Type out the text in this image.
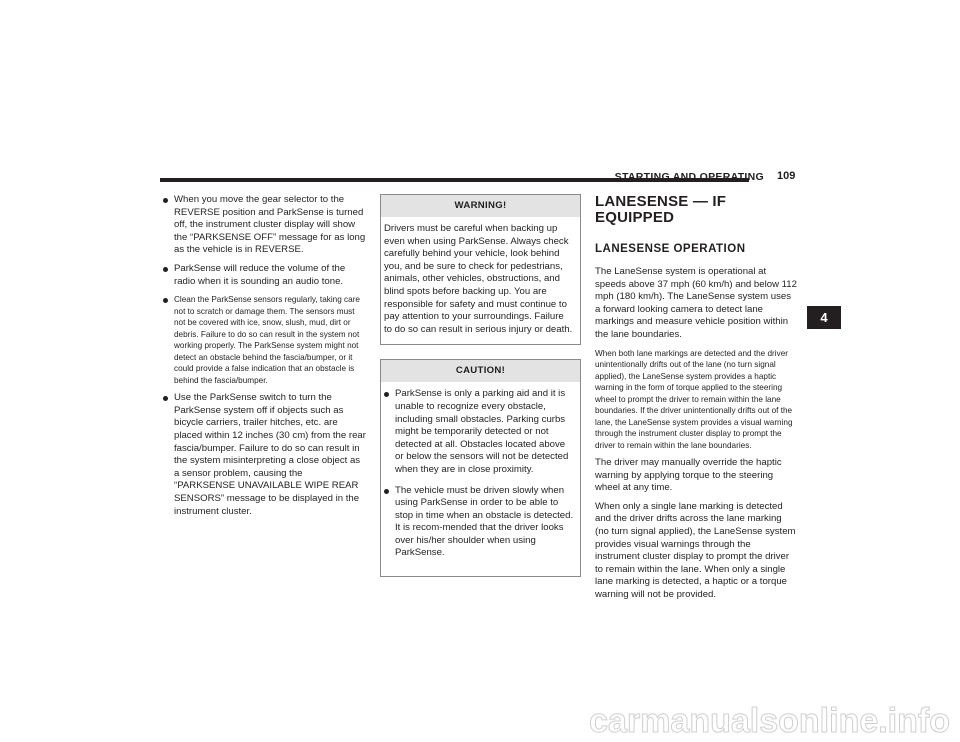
STARTING AND OPERATING 109
When you move the gear selector to the REVERSE position and ParkSense is turned off, the instrument cluster display will show the “PARKSENSE OFF” message for as long as the vehicle is in REVERSE.
ParkSense will reduce the volume of the radio when it is sounding an audio tone.
Clean the ParkSense sensors regularly, taking care not to scratch or damage them. The sensors must not be covered with ice, snow, slush, mud, dirt or debris. Failure to do so can result in the system not working properly. The ParkSense system might not detect an obstacle behind the fascia/bumper, or it could provide a false indication that an obstacle is behind the fascia/bumper.
Use the ParkSense switch to turn the ParkSense system off if objects such as bicycle carriers, trailer hitches, etc. are placed within 12 inches (30 cm) from the rear fascia/bumper. Failure to do so can result in the system misinterpreting a close object as a sensor problem, causing the “PARKSENSE UNAVAILABLE WIPE REAR SENSORS” message to be displayed in the instrument cluster.
WARNING!

Drivers must be careful when backing up even when using ParkSense. Always check carefully behind your vehicle, look behind you, and be sure to check for pedestrians, animals, other vehicles, obstructions, and blind spots before backing up. You are responsible for safety and must continue to pay attention to your surroundings. Failure to do so can result in serious injury or death.

CAUTION!
ParkSense is only a parking aid and it is unable to recognize every obstacle, including small obstacles. Parking curbs might be temporarily detected or not detected at all. Obstacles located above or below the sensors will not be detected when they are in close proximity.
The vehicle must be driven slowly when using ParkSense in order to be able to stop in time when an obstacle is detected. It is recom-mended that the driver looks over his/her shoulder when using ParkSense.
LANESENSE — IF EQUIPPED
LANESENSE OPERATION

The LaneSense system is operational at speeds above 37 mph (60 km/h) and below 112 mph (180 km/h). The LaneSense system uses a forward looking camera to detect lane markings and measure vehicle position within the lane boundaries.

When both lane markings are detected and the driver unintentionally drifts out of the lane (no turn signal applied), the LaneSense system provides a haptic warning in the form of torque applied to the steering wheel to prompt the driver to remain within the lane boundaries. If the driver unintentionally drifts out of the lane, the LaneSense system provides a visual warning through the instrument cluster display to prompt the driver to remain within the lane boundaries.

The driver may manually override the haptic warning by applying torque to the steering wheel at any time.

When only a single lane marking is detected and the driver drifts across the lane marking (no turn signal applied), the LaneSense system provides visual warnings through the instrument cluster display to prompt the driver to remain within the lane. When only a single lane marking is detected, a haptic or a torque warning will not be provided.

4
carmanualsonline.info
